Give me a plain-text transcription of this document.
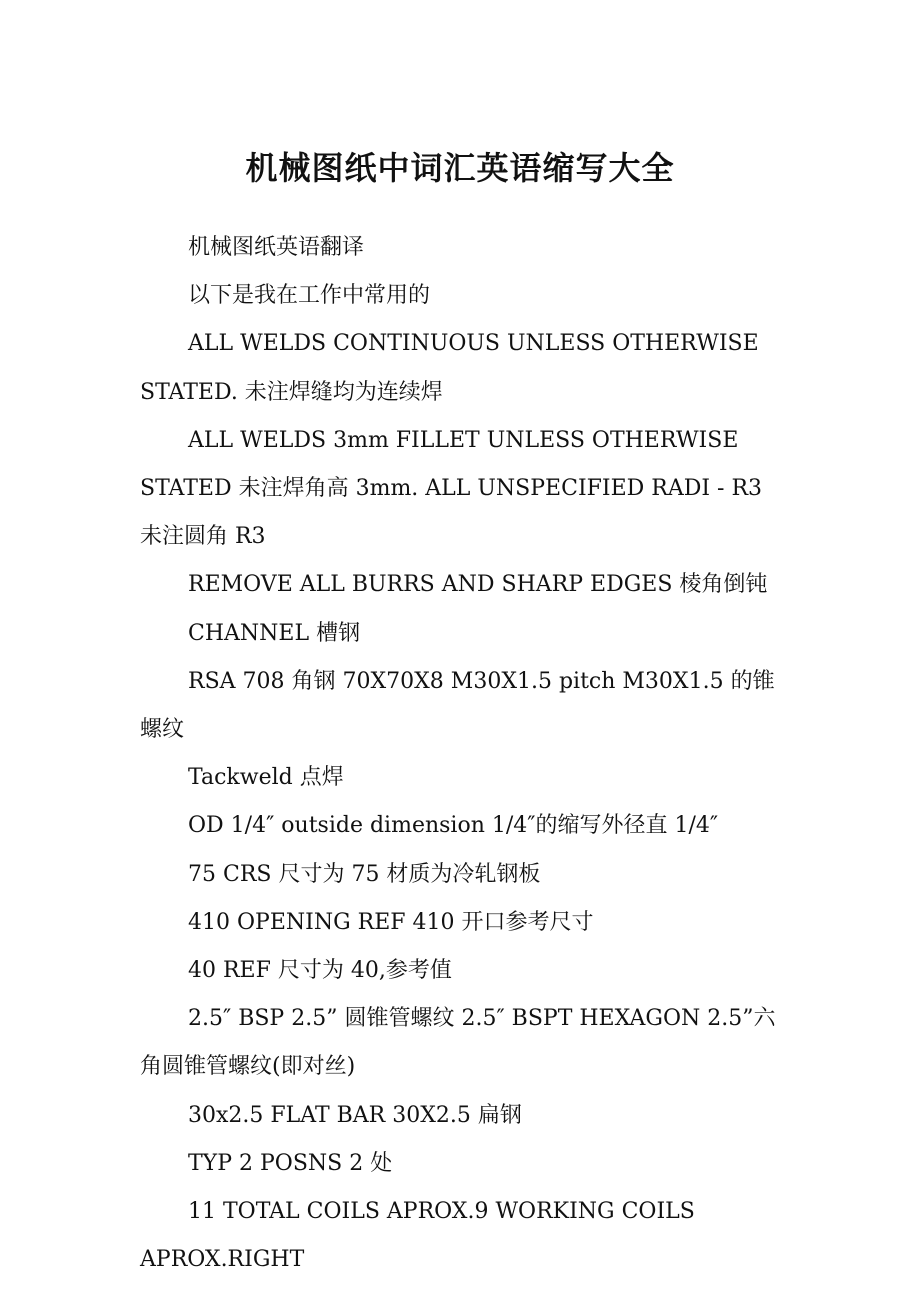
机械图纸中词汇英语缩写大全

机械图纸英语翻译

以下是我在工作中常用的

ALL WELDS CONTINUOUS UNLESS OTHERWISE STATED. 未注焊缝均为连续焊

ALL WELDS 3mm FILLET UNLESS OTHERWISE STATED 未注焊角高 3mm. ALL UNSPECIFIED RADI - R3 未注圆角 R3

REMOVE ALL BURRS AND SHARP EDGES 棱角倒钝

CHANNEL 槽钢

RSA 708 角钢 70X70X8 M30X1.5 pitch M30X1.5 的锥螺纹

Tackweld 点焊

OD 1/4″ outside dimension 1/4″的缩写外径直 1/4″

75 CRS 尺寸为 75 材质为冷轧钢板

410 OPENING REF 410 开口参考尺寸

40 REF 尺寸为 40,参考值

2.5″ BSP 2.5” 圆锥管螺纹 2.5″ BSPT HEXAGON 2.5”六角圆锥管螺纹(即对丝)

30x2.5 FLAT BAR 30X2.5 扁钢

TYP 2 POSNS 2 处

11 TOTAL COILS APROX.9 WORKING COILS APROX.RIGHT
